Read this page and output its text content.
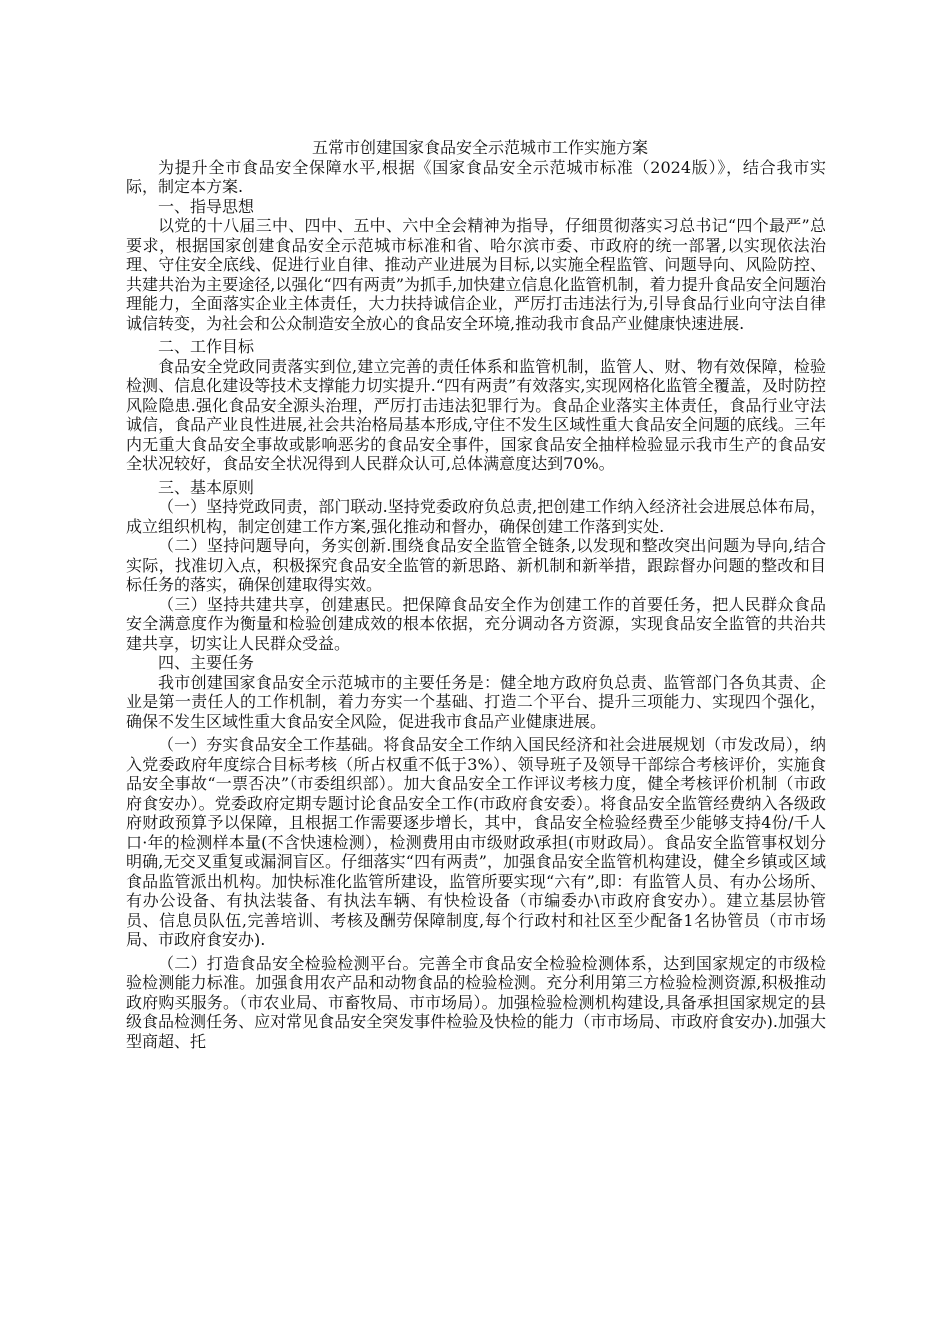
五常市创建国家食品安全示范城市工作实施方案

为提升全市食品安全保障水平,根据《国家食品安全示范城市标准（2024版）》，结合我市实际，制定本方案.

一、指导思想

以党的十八届三中、四中、五中、六中全会精神为指导，仔细贯彻落实习总书记“四个最严”总要求，根据国家创建食品安全示范城市标准和省、哈尔滨市委、市政府的统一部署,以实现依法治理、守住安全底线、促进行业自律、推动产业进展为目标,以实施全程监管、问题导向、风险防控、共建共治为主要途径,以强化“四有两责”为抓手,加快建立信息化监管机制，着力提升食品安全问题治理能力，全面落实企业主体责任，大力扶持诚信企业，严厉打击违法行为,引导食品行业向守法自律诚信转变，为社会和公众制造安全放心的食品安全环境,推动我市食品产业健康快速进展.

二、工作目标

食品安全党政同责落实到位,建立完善的责任体系和监管机制，监管人、财、物有效保障，检验检测、信息化建设等技术支撑能力切实提升.“四有两责”有效落实,实现网格化监管全覆盖，及时防控风险隐患.强化食品安全源头治理，严厉打击违法犯罪行为。食品企业落实主体责任，食品行业守法诚信，食品产业良性进展,社会共治格局基本形成,守住不发生区域性重大食品安全问题的底线。三年内无重大食品安全事故或影响恶劣的食品安全事件，国家食品安全抽样检验显示我市生产的食品安全状况较好，食品安全状况得到人民群众认可,总体满意度达到70%。

三、基本原则

（一）坚持党政同责，部门联动.坚持党委政府负总责,把创建工作纳入经济社会进展总体布局，成立组织机构，制定创建工作方案,强化推动和督办，确保创建工作落到实处.

（二）坚持问题导向，务实创新.围绕食品安全监管全链条,以发现和整改突出问题为导向,结合实际，找准切入点，积极探究食品安全监管的新思路、新机制和新举措，跟踪督办问题的整改和目标任务的落实，确保创建取得实效。

（三）坚持共建共享，创建惠民。把保障食品安全作为创建工作的首要任务，把人民群众食品安全满意度作为衡量和检验创建成效的根本依据，充分调动各方资源，实现食品安全监管的共治共建共享，切实让人民群众受益。

四、主要任务

我市创建国家食品安全示范城市的主要任务是：健全地方政府负总责、监管部门各负其责、企业是第一责任人的工作机制，着力夯实一个基础、打造二个平台、提升三项能力、实现四个强化，确保不发生区域性重大食品安全风险，促进我市食品产业健康进展。

（一）夯实食品安全工作基础。将食品安全工作纳入国民经济和社会进展规划（市发改局），纳入党委政府年度综合目标考核（所占权重不低于3%）、领导班子及领导干部综合考核评价，实施食品安全事故“一票否决”（市委组织部）。加大食品安全工作评议考核力度，健全考核评价机制（市政府食安办）。党委政府定期专题讨论食品安全工作(市政府食安委）。将食品安全监管经费纳入各级政府财政预算予以保障，且根据工作需要逐步增长，其中，食品安全检验经费至少能够支持4份/千人口·年的检测样本量(不含快速检测），检测费用由市级财政承担(市财政局）。食品安全监管事权划分明确,无交叉重复或漏洞盲区。仔细落实“四有两责”，加强食品安全监管机构建设，健全乡镇或区域食品监管派出机构。加快标准化监管所建设，监管所要实现“六有”,即：有监管人员、有办公场所、有办公设备、有执法装备、有执法车辆、有快检设备（市编委办\市政府食安办）。建立基层协管员、信息员队伍,完善培训、考核及酬劳保障制度,每个行政村和社区至少配备1名协管员（市市场局、市政府食安办).

（二）打造食品安全检验检测平台。完善全市食品安全检验检测体系，达到国家规定的市级检验检测能力标准。加强食用农产品和动物食品的检验检测。充分利用第三方检验检测资源,积极推动政府购买服务。（市农业局、市畜牧局、市市场局）。加强检验检测机构建设,具备承担国家规定的县级食品检测任务、应对常见食品安全突发事件检验及快检的能力（市市场局、市政府食安办).加强大型商超、托
